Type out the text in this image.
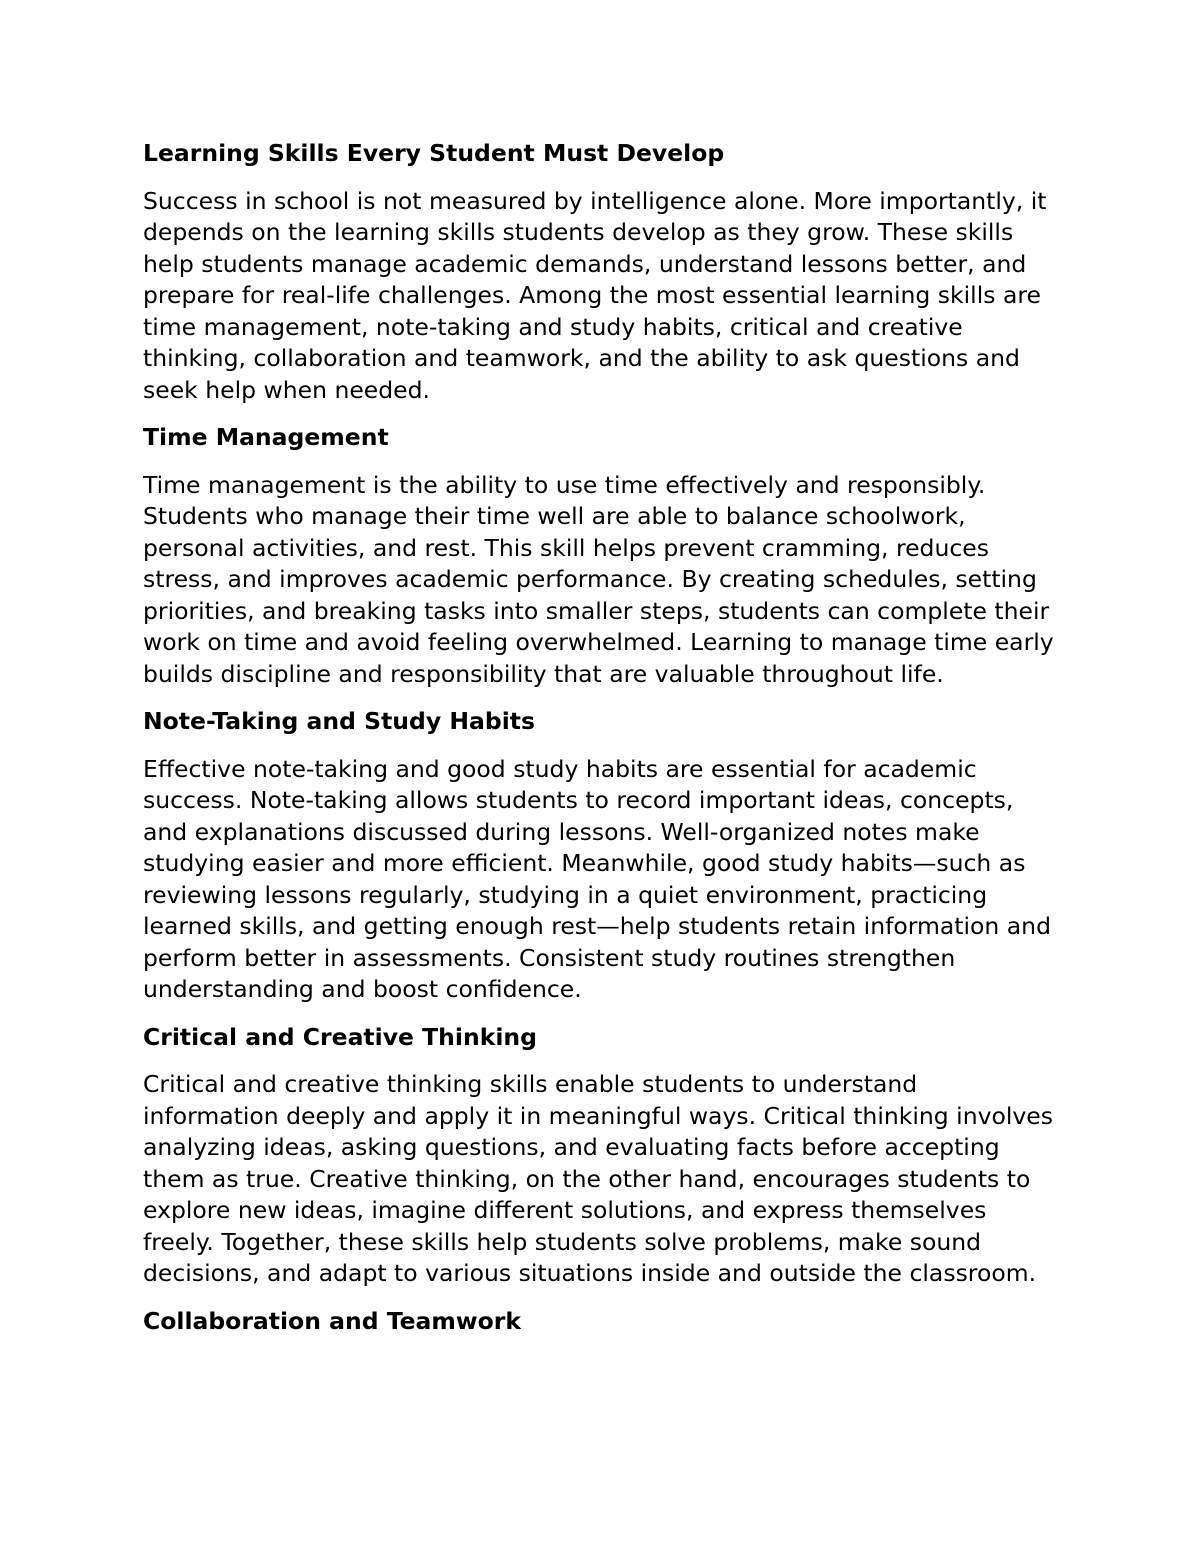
Learning Skills Every Student Must Develop

Success in school is not measured by intelligence alone. More importantly, it
depends on the learning skills students develop as they grow. These skills
help students manage academic demands, understand lessons better, and
prepare for real-life challenges. Among the most essential learning skills are
time management, note-taking and study habits, critical and creative
thinking, collaboration and teamwork, and the ability to ask questions and
seek help when needed.

Time Management

Time management is the ability to use time effectively and responsibly.
Students who manage their time well are able to balance schoolwork,
personal activities, and rest. This skill helps prevent cramming, reduces
stress, and improves academic performance. By creating schedules, setting
priorities, and breaking tasks into smaller steps, students can complete their
work on time and avoid feeling overwhelmed. Learning to manage time early
builds discipline and responsibility that are valuable throughout life.

Note-Taking and Study Habits

Effective note-taking and good study habits are essential for academic
success. Note-taking allows students to record important ideas, concepts,
and explanations discussed during lessons. Well-organized notes make
studying easier and more efficient. Meanwhile, good study habits—such as
reviewing lessons regularly, studying in a quiet environment, practicing
learned skills, and getting enough rest—help students retain information and
perform better in assessments. Consistent study routines strengthen
understanding and boost confidence.

Critical and Creative Thinking

Critical and creative thinking skills enable students to understand
information deeply and apply it in meaningful ways. Critical thinking involves
analyzing ideas, asking questions, and evaluating facts before accepting
them as true. Creative thinking, on the other hand, encourages students to
explore new ideas, imagine different solutions, and express themselves
freely. Together, these skills help students solve problems, make sound
decisions, and adapt to various situations inside and outside the classroom.

Collaboration and Teamwork
